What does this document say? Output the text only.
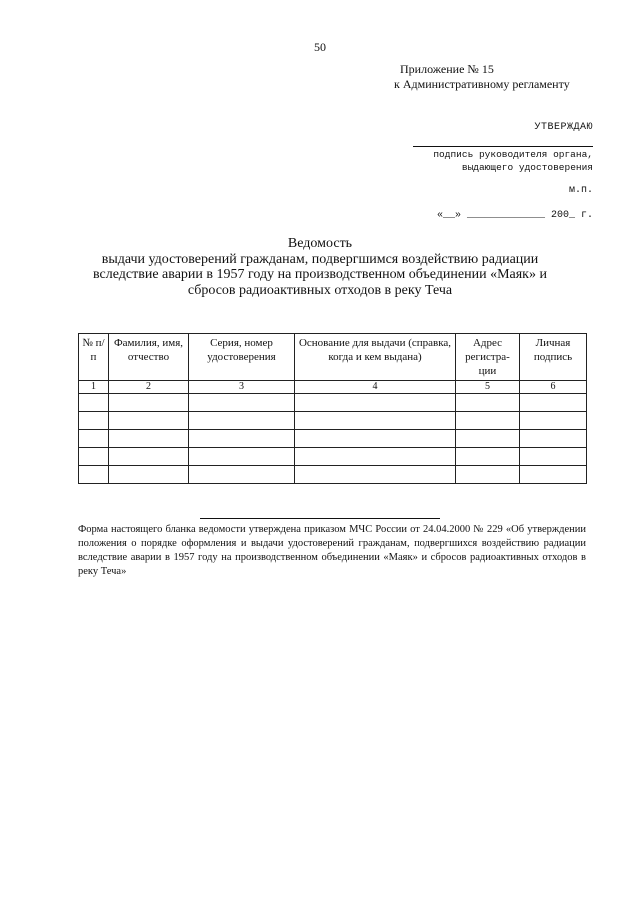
50
Приложение № 15
к Административному регламенту
УТВЕРЖДАЮ
подпись руководителя органа,
выдающего удостоверения
м.п.
«__» _____________ 200_ г.
Ведомость
выдачи удостоверений гражданам, подвергшимся воздействию радиации вследствие аварии в 1957 году на производственном объединении «Маяк» и сбросов радиоактивных отходов в реку Теча
№ п/п	Фамилия, имя, отчество	Серия, номер удостоверения	Основание для выдачи (справка, когда и кем выдана)	Адрес регистра- ции	Личная подпись
1	2	3	4	5	6

Форма настоящего бланка ведомости утверждена приказом МЧС России от 24.04.2000 № 229 «Об утверждении положения о порядке оформления и выдачи удостоверений гражданам, подвергшихся воздействию радиации вследствие аварии в 1957 году на производственном объединении «Маяк» и сбросов радиоактивных отходов в реку Теча»
